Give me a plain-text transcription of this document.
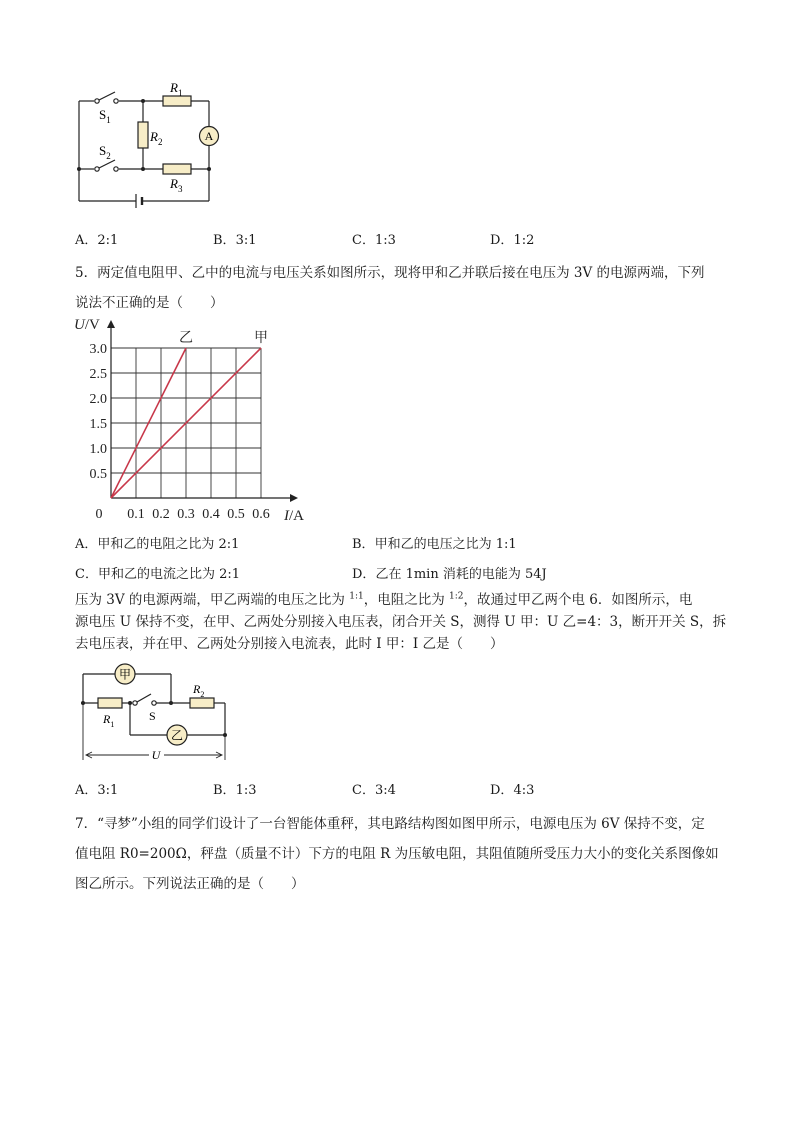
A
$S_1$
$S_2$
$R_1$
$R_2$
$R_3$
A．2:1	B．3:1	C．1:3	D．1:2
5．两定值电阻甲、乙中的电流与电压关系如图所示，现将甲和乙并联后接在电压为 3V 的电源两端，下列
说法不正确的是（　　）
0.1 0.2 0.3 0.4 0.5 0.6
0.5
1.0
1.5
2.0
2.5
3.0
0	I/A
U/V
乙	甲
A．甲和乙的电阻之比为 2:1	B．甲和乙的电压之比为 1:1
C．甲和乙的电流之比为 2:1	D．乙在 1min 消耗的电能为 54J
压为 3V 的电源两端，甲乙两端的电压之比为 $^{1:1}$，电阻之比为 $^{1:2}$，故通过甲乙两个电 6．如图所示，电
源电压 U 保持不变，在甲、乙两处分别接入电压表，闭合开关 S，测得 U 甲：U 乙=4：3，断开开关 S，拆
去电压表，并在甲、乙两处分别接入电流表，此时 I 甲：I 乙是（　　）
甲
乙
$R_1$
$R_2$
S
U
A．3:1	B．1:3	C．3:4	D．4:3
7．“寻梦”小组的同学们设计了一台智能体重秤，其电路结构图如图甲所示，电源电压为 6V 保持不变，定
值电阻 R0=200Ω，秤盘（质量不计）下方的电阻 R 为压敏电阻，其阻值随所受压力大小的变化关系图像如
图乙所示。下列说法正确的是（　　）
